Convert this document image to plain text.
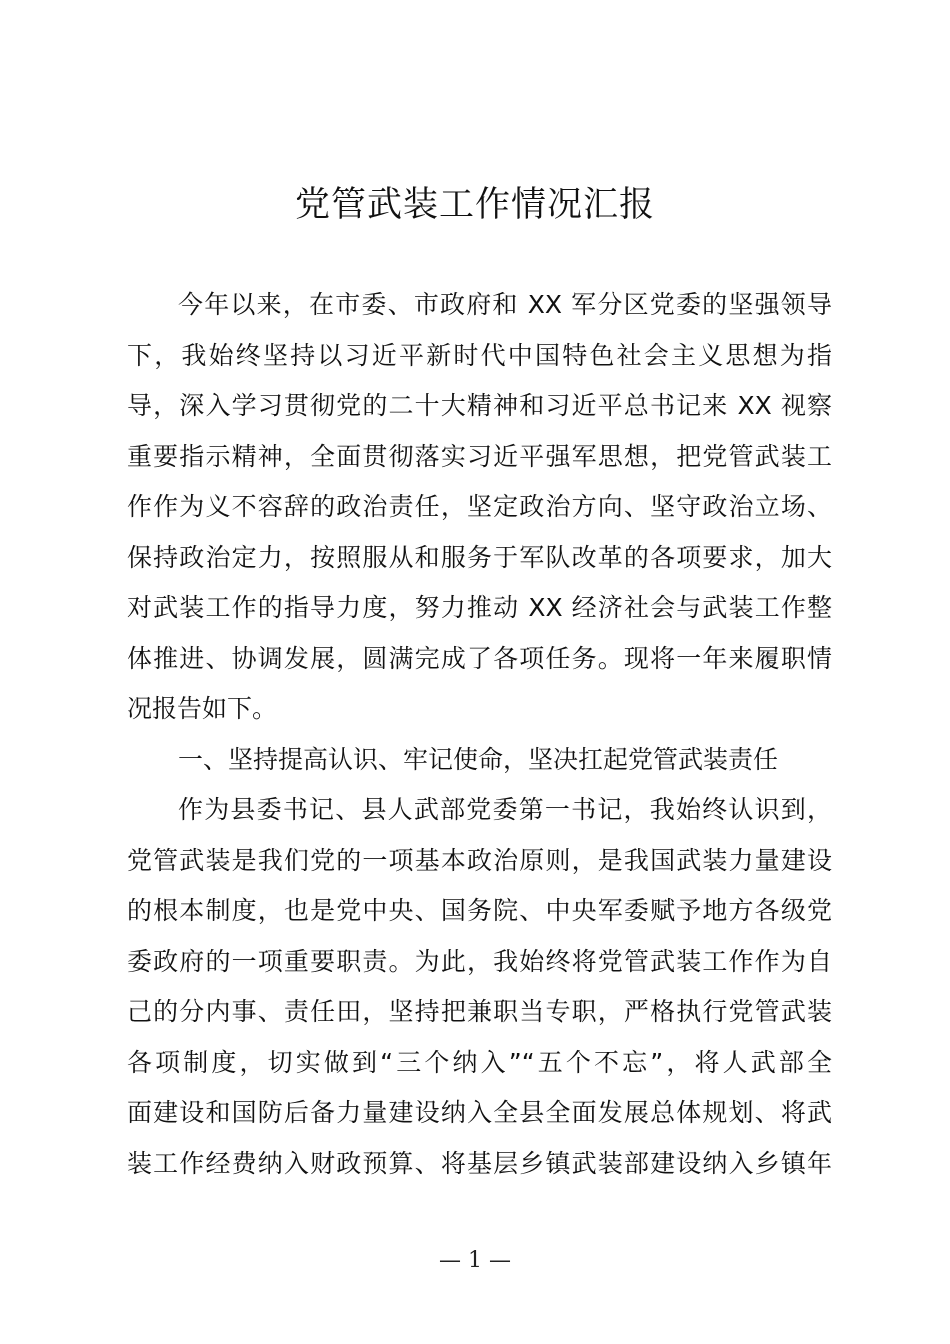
党管武装工作情况汇报
今年以来，在市委、市政府和 XX 军分区党委的坚强领导
下，我始终坚持以习近平新时代中国特色社会主义思想为指
导，深入学习贯彻党的二十大精神和习近平总书记来 XX 视察
重要指示精神，全面贯彻落实习近平强军思想，把党管武装工
作作为义不容辞的政治责任，坚定政治方向、坚守政治立场、
保持政治定力，按照服从和服务于军队改革的各项要求，加大
对武装工作的指导力度，努力推动 XX 经济社会与武装工作整
体推进、协调发展，圆满完成了各项任务。现将一年来履职情
况报告如下。
一、坚持提高认识、牢记使命，坚决扛起党管武装责任
作为县委书记、县人武部党委第一书记，我始终认识到，
党管武装是我们党的一项基本政治原则，是我国武装力量建设
的根本制度，也是党中央、国务院、中央军委赋予地方各级党
委政府的一项重要职责。为此，我始终将党管武装工作作为自
己的分内事、责任田，坚持把兼职当专职，严格执行党管武装
各项制度，切实做到“三个纳入”“五个不忘”，将人武部全
面建设和国防后备力量建设纳入全县全面发展总体规划、将武
装工作经费纳入财政预算、将基层乡镇武装部建设纳入乡镇年
— 1 —
